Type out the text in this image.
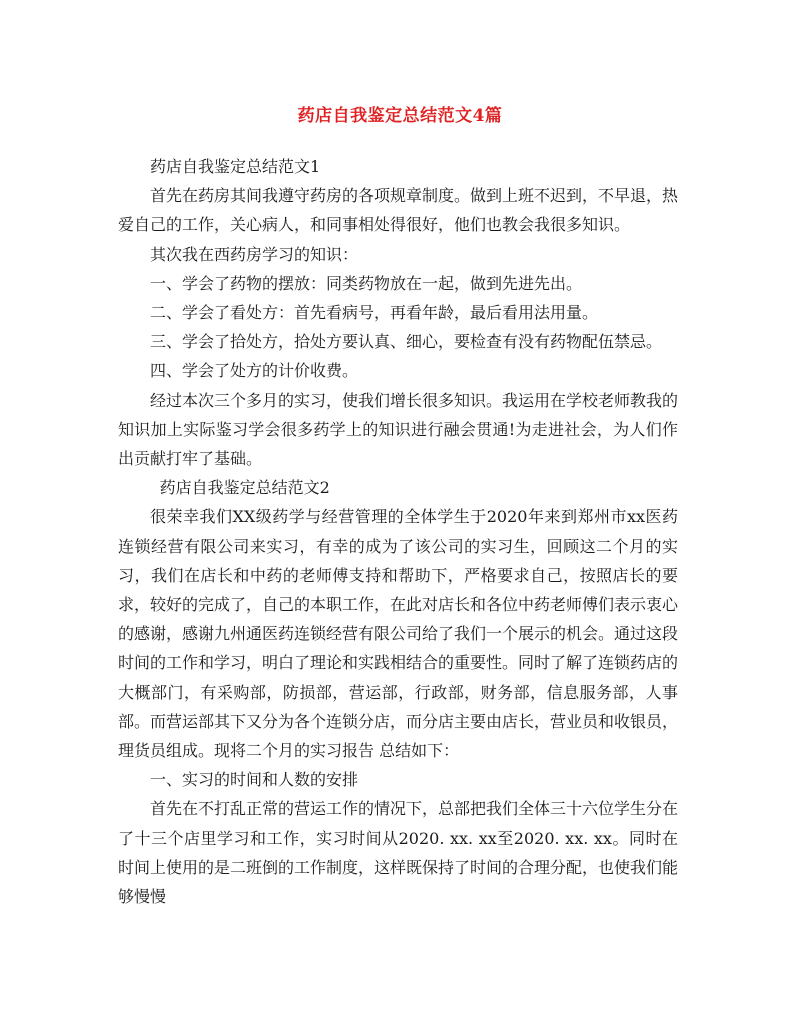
药店自我鉴定总结范文4篇

药店自我鉴定总结范文1

首先在药房其间我遵守药房的各项规章制度。做到上班不迟到，不早退，热爱自己的工作，关心病人，和同事相处得很好，他们也教会我很多知识。

其次我在西药房学习的知识：

一、学会了药物的摆放：同类药物放在一起，做到先进先出。

二、学会了看处方：首先看病号，再看年龄，最后看用法用量。

三、学会了拾处方，拾处方要认真、细心，要检查有没有药物配伍禁忌。

四、学会了处方的计价收费。

经过本次三个多月的实习，使我们增长很多知识。我运用在学校老师教我的知识加上实际鉴习学会很多药学上的知识进行融会贯通!为走进社会，为人们作出贡献打牢了基础。

药店自我鉴定总结范文2

很荣幸我们XX级药学与经营管理的全体学生于2020年来到郑州市xx医药连锁经营有限公司来实习，有幸的成为了该公司的实习生，回顾这二个月的实习，我们在店长和中药的老师傅支持和帮助下，严格要求自己，按照店长的要求，较好的完成了，自己的本职工作，在此对店长和各位中药老师傅们表示衷心的感谢，感谢九州通医药连锁经营有限公司给了我们一个展示的机会。通过这段时间的工作和学习，明白了理论和实践相结合的重要性。同时了解了连锁药店的大概部门，有采购部，防损部，营运部，行政部，财务部，信息服务部，人事部。而营运部其下又分为各个连锁分店，而分店主要由店长，营业员和收银员，理货员组成。现将二个月的实习报告 总结如下：

一、实习的时间和人数的安排

首先在不打乱正常的营运工作的情况下，总部把我们全体三十六位学生分在了十三个店里学习和工作，实习时间从2020. xx. xx至2020. xx. xx。同时在时间上使用的是二班倒的工作制度，这样既保持了时间的合理分配，也使我们能够慢慢
